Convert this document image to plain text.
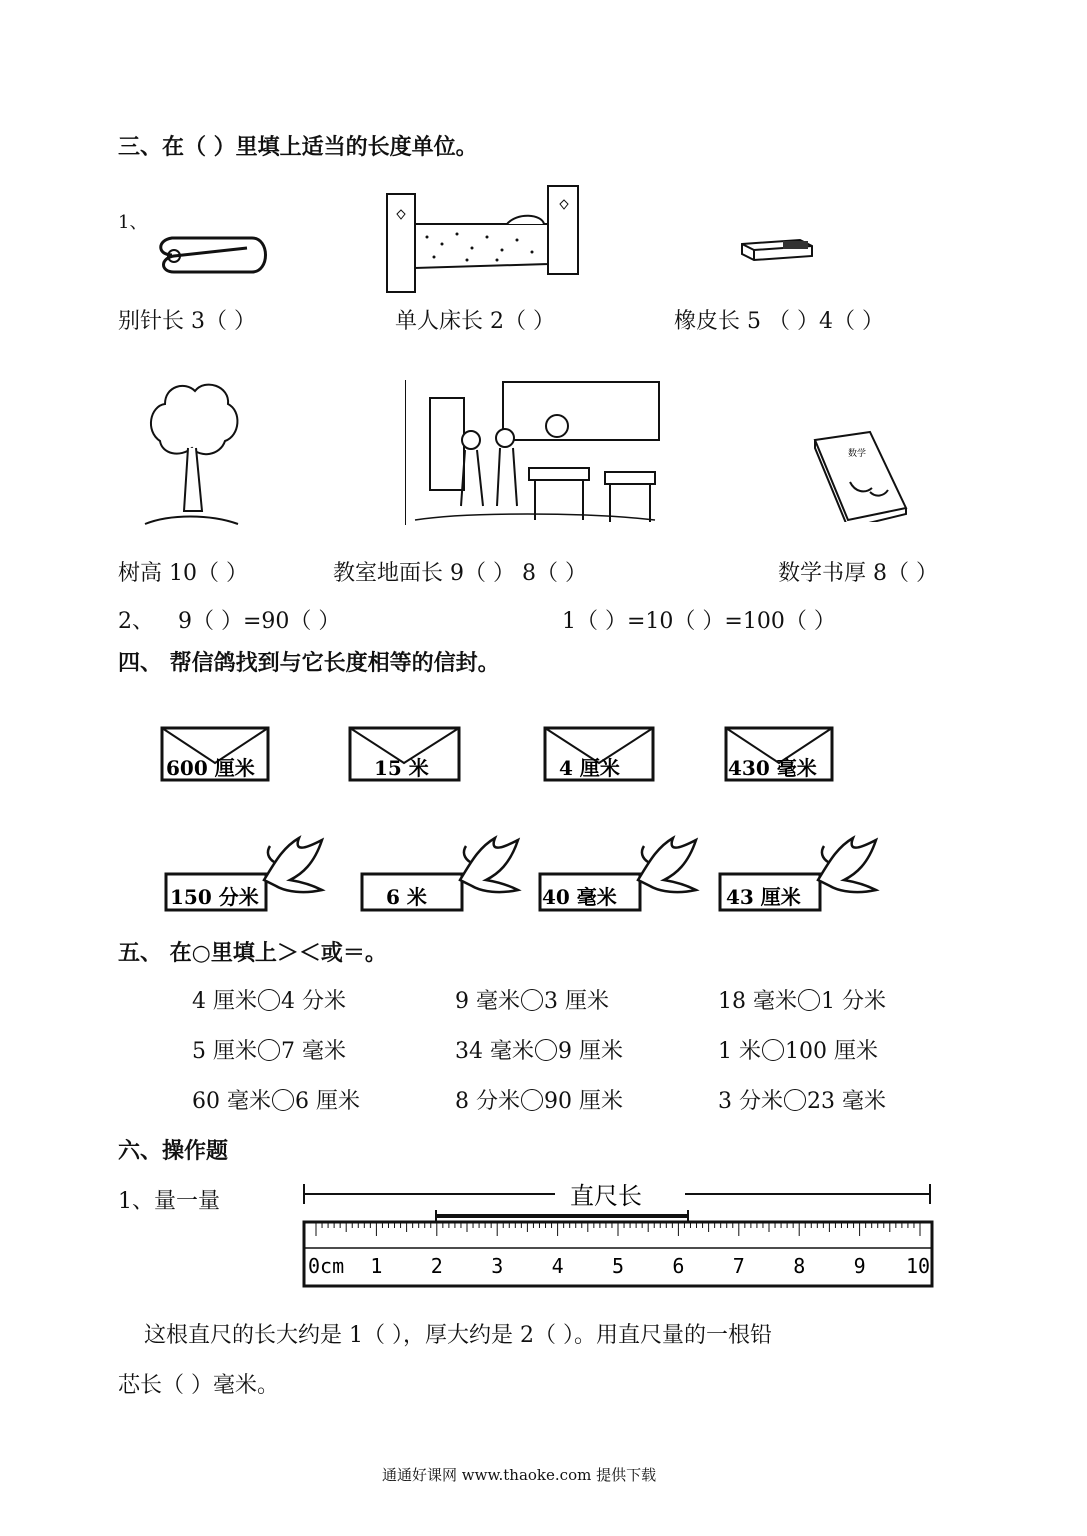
三、在（ ）里填上适当的长度单位。
1、
别针长 3（ ）	单人床长 2（ ）	橡皮长 5 （ ）4（ ）
数学
树高 10（ ）	教室地面长 9（ ） 8（ ）	数学书厚 8（ ）
2、 9（ ）=90（ ）	1（ ）=10（ ）=100（ ）
四、 帮信鸽找到与它长度相等的信封。
600 厘米	15 米	4 厘米	430 毫米
150 分米	6 米	40 毫米	43 厘米
五、 在○里填上＞＜或＝。
4 厘米 4 分米	9 毫米 3 厘米	18 毫米 1 分米
5 厘米 7 毫米	34 毫米 9 厘米	1 米 100 厘米
60 毫米 6 厘米	8 分米 90 厘米	3 分米 23 毫米
六、操作题
1、量一量	直尺长
0cm 1 2 3 4 5 6 7 8 9 10
这根直尺的长大约是 1（ ），厚大约是 2（ ）。用直尺量的一根铅
芯长（ ）毫米。
通通好课网 www.thaoke.com 提供下载
